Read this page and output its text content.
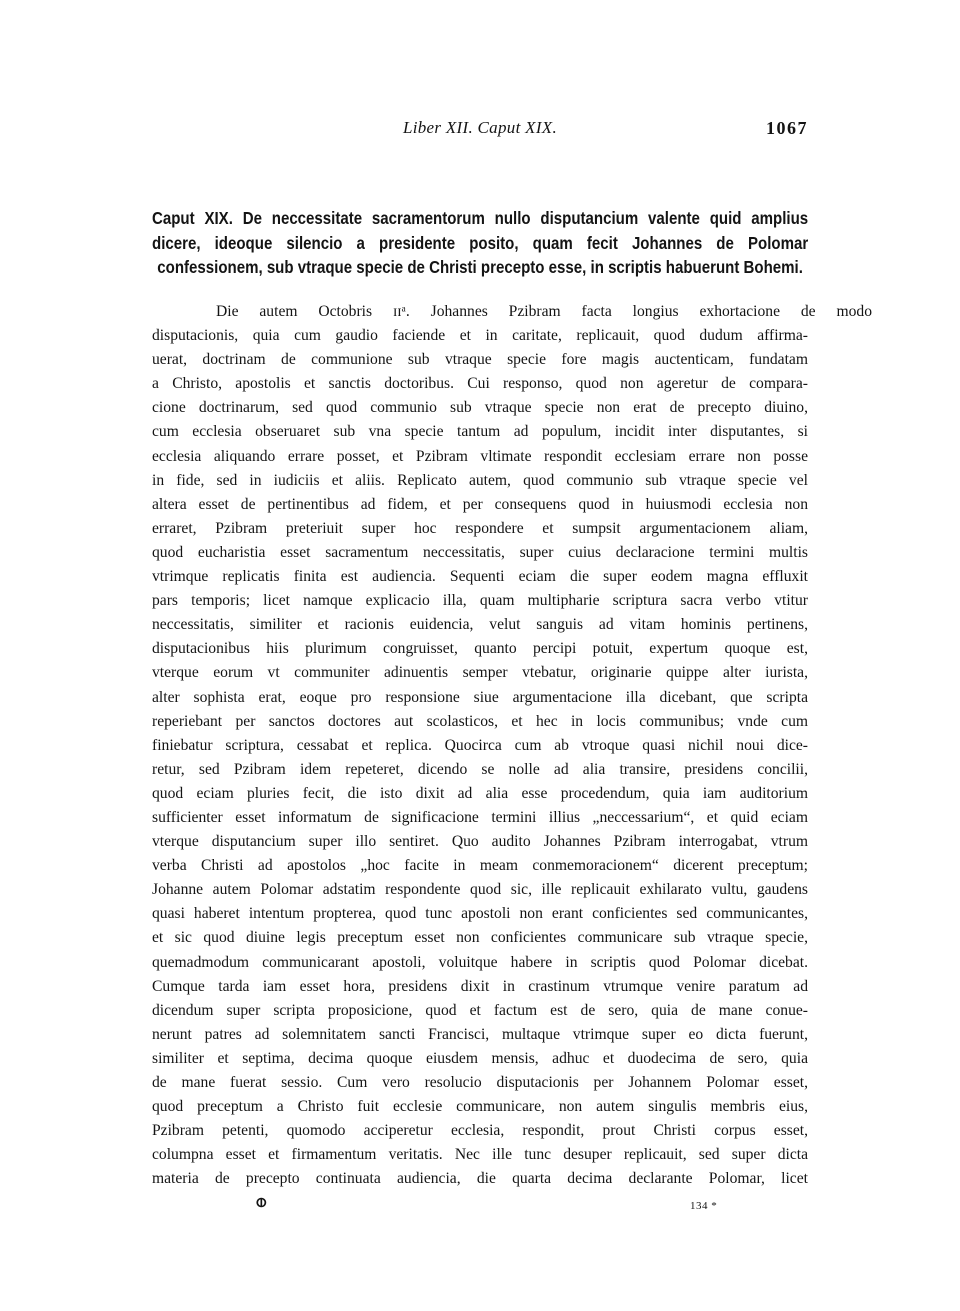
Liber XII. Caput XIX.	1067
Caput XIX. De neccessitate sacramentorum nullo disputancium valente quid amplius dicere, ideoque silencio a presidente posito, quam fecit Johannes de Polomar confessionem, sub vtraque specie de Christi precepto esse, in scriptis habuerunt Bohemi.
Die autem Octobris ɪɪᵃ. Johannes Pzibram facta longius exhortacione de modo
disputacionis, quia cum gaudio faciende et in caritate, replicauit, quod dudum affirma-
uerat, doctrinam de communione sub vtraque specie fore magis auctenticam, fundatam
a Christo, apostolis et sanctis doctoribus. Cui responso, quod non ageretur de compara-
cione doctrinarum, sed quod communio sub vtraque specie non erat de precepto diuino,
cum ecclesia obseruaret sub vna specie tantum ad populum, incidit inter disputantes, si
ecclesia aliquando errare posset, et Pzibram vltimate respondit ecclesiam errare non posse
in fide, sed in iudiciis et aliis. Replicato autem, quod communio sub vtraque specie vel
altera esset de pertinentibus ad fidem, et per consequens quod in huiusmodi ecclesia non
erraret, Pzibram preteriuit super hoc respondere et sumpsit argumentacionem aliam,
quod eucharistia esset sacramentum neccessitatis, super cuius declaracione termini multis
vtrimque replicatis finita est audiencia. Sequenti eciam die super eodem magna effluxit
pars temporis; licet namque explicacio illa, quam multipharie scriptura sacra verbo vtitur
neccessitatis, similiter et racionis euidencia, velut sanguis ad vitam hominis pertinens,
disputacionibus hiis plurimum congruisset, quanto percipi potuit, expertum quoque est,
vterque eorum vt communiter adinuentis semper vtebatur, originarie quippe alter iurista,
alter sophista erat, eoque pro responsione siue argumentacione illa dicebant, que scripta
reperiebant per sanctos doctores aut scolasticos, et hec in locis communibus; vnde cum
finiebatur scriptura, cessabat et replica. Quocirca cum ab vtroque quasi nichil noui dice-
retur, sed Pzibram idem repeteret, dicendo se nolle ad alia transire, presidens concilii,
quod eciam pluries fecit, die isto dixit ad alia esse procedendum, quia iam auditorium
sufficienter esset informatum de significacione termini illius „neccessarium“, et quid eciam
vterque disputancium super illo sentiret. Quo audito Johannes Pzibram interrogabat, vtrum
verba Christi ad apostolos „hoc facite in meam conmemoracionem“ dicerent preceptum;
Johanne autem Polomar adstatim respondente quod sic, ille replicauit exhilarato vultu, gaudens
quasi haberet intentum propterea, quod tunc apostoli non erant conficientes sed communicantes,
et sic quod diuine legis preceptum esset non conficientes communicare sub vtraque specie,
quemadmodum communicarant apostoli, voluitque habere in scriptis quod Polomar dicebat.
Cumque tarda iam esset hora, presidens dixit in crastinum vtrumque venire paratum ad
dicendum super scripta proposicione, quod et factum est de sero, quia de mane conue-
nerunt patres ad solemnitatem sancti Francisci, multaque vtrimque super eo dicta fuerunt,
similiter et septima, decima quoque eiusdem mensis, adhuc et duodecima de sero, quia
de mane fuerat sessio. Cum vero resolucio disputacionis per Johannem Polomar esset,
quod preceptum a Christo fuit ecclesie communicare, non autem singulis membris eius,
Pzibram petenti, quomodo acciperetur ecclesia, respondit, prout Christi corpus esset,
columpna esset et firmamentum veritatis. Nec ille tunc desuper replicauit, sed super dicta
materia de precepto continuata audiencia, die quarta decima declarante Polomar, licet
ⵀ	134 *
